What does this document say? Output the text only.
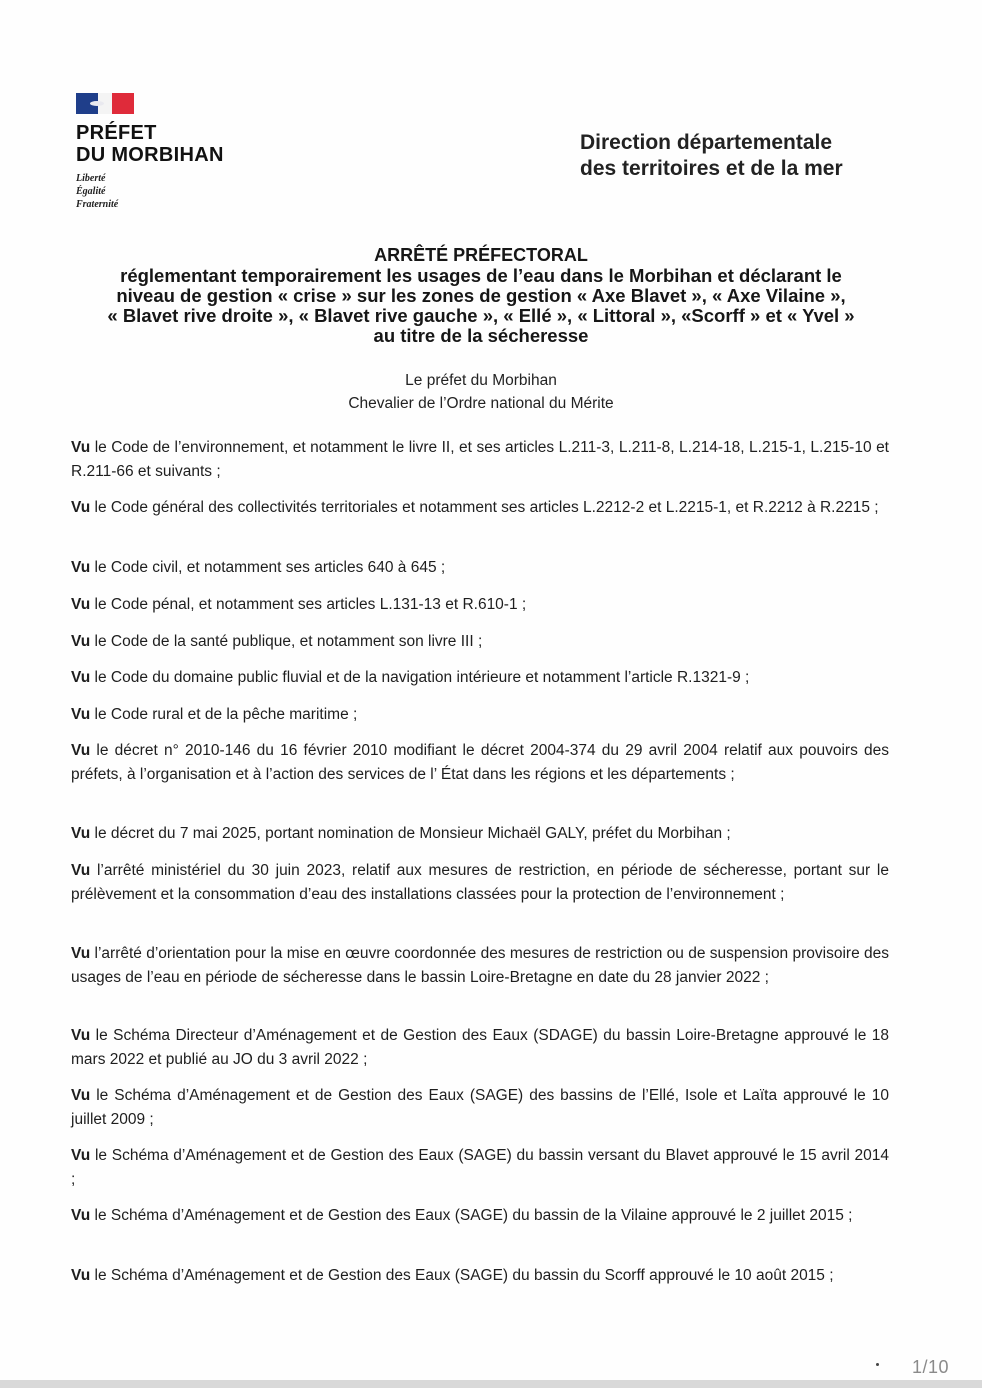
PRÉFET
DU MORBIHAN
Liberté
Égalité
Fraternité
Direction départementale
des territoires et de la mer
ARRÊTÉ PRÉFECTORAL
réglementant temporairement les usages de l’eau dans le Morbihan et déclarant le
niveau de gestion « crise » sur les zones de gestion « Axe Blavet », « Axe Vilaine »,
« Blavet rive droite », « Blavet rive gauche », « Ellé », « Littoral », «Scorff » et « Yvel »
au titre de la sécheresse
Le préfet du Morbihan
Chevalier de l’Ordre national du Mérite

Vu le Code de l’environnement, et notamment le livre II, et ses articles L.211-3, L.211-8, L.214-18, L.215-1, L.215-10 et R.211-66 et suivants ;

Vu le Code général des collectivités territoriales et notamment ses articles L.2212-2 et L.2215-1, et R.2212 à R.2215 ;

Vu le Code civil, et notamment ses articles 640 à 645 ;

Vu le Code pénal, et notamment ses articles L.131-13 et R.610-1 ;

Vu le Code de la santé publique, et notamment son livre III ;

Vu le Code du domaine public fluvial et de la navigation intérieure et notamment l’article R.1321-9 ;

Vu le Code rural et de la pêche maritime ;

Vu le décret n° 2010-146 du 16 février 2010 modifiant le décret 2004-374 du 29 avril 2004 relatif aux pouvoirs des préfets, à l’organisation et à l’action des services de l’ État dans les régions et les départements ;

Vu le décret du 7 mai 2025, portant nomination de Monsieur Michaël GALY, préfet du Morbihan ;

Vu l’arrêté ministériel du 30 juin 2023, relatif aux mesures de restriction, en période de sécheresse, portant sur le prélèvement et la consommation d’eau des installations classées pour la protection de l’environnement ;

Vu l’arrêté d’orientation pour la mise en œuvre coordonnée des mesures de restriction ou de suspension provisoire des usages de l’eau en période de sécheresse dans le bassin Loire-Bretagne en date du 28 janvier 2022 ;

Vu le Schéma Directeur d’Aménagement et de Gestion des Eaux (SDAGE) du bassin Loire-Bretagne approuvé le 18 mars 2022 et publié au JO du 3 avril 2022 ;

Vu le Schéma d’Aménagement et de Gestion des Eaux (SAGE) des bassins de l’Ellé, Isole et Laïta approuvé le 10 juillet 2009 ;

Vu le Schéma d’Aménagement et de Gestion des Eaux (SAGE) du bassin versant du Blavet approuvé le 15 avril 2014 ;

Vu le Schéma d’Aménagement et de Gestion des Eaux (SAGE) du bassin de la Vilaine approuvé le 2 juillet 2015 ;

Vu le Schéma d’Aménagement et de Gestion des Eaux (SAGE) du bassin du Scorff approuvé le 10 août 2015 ;

1/10
